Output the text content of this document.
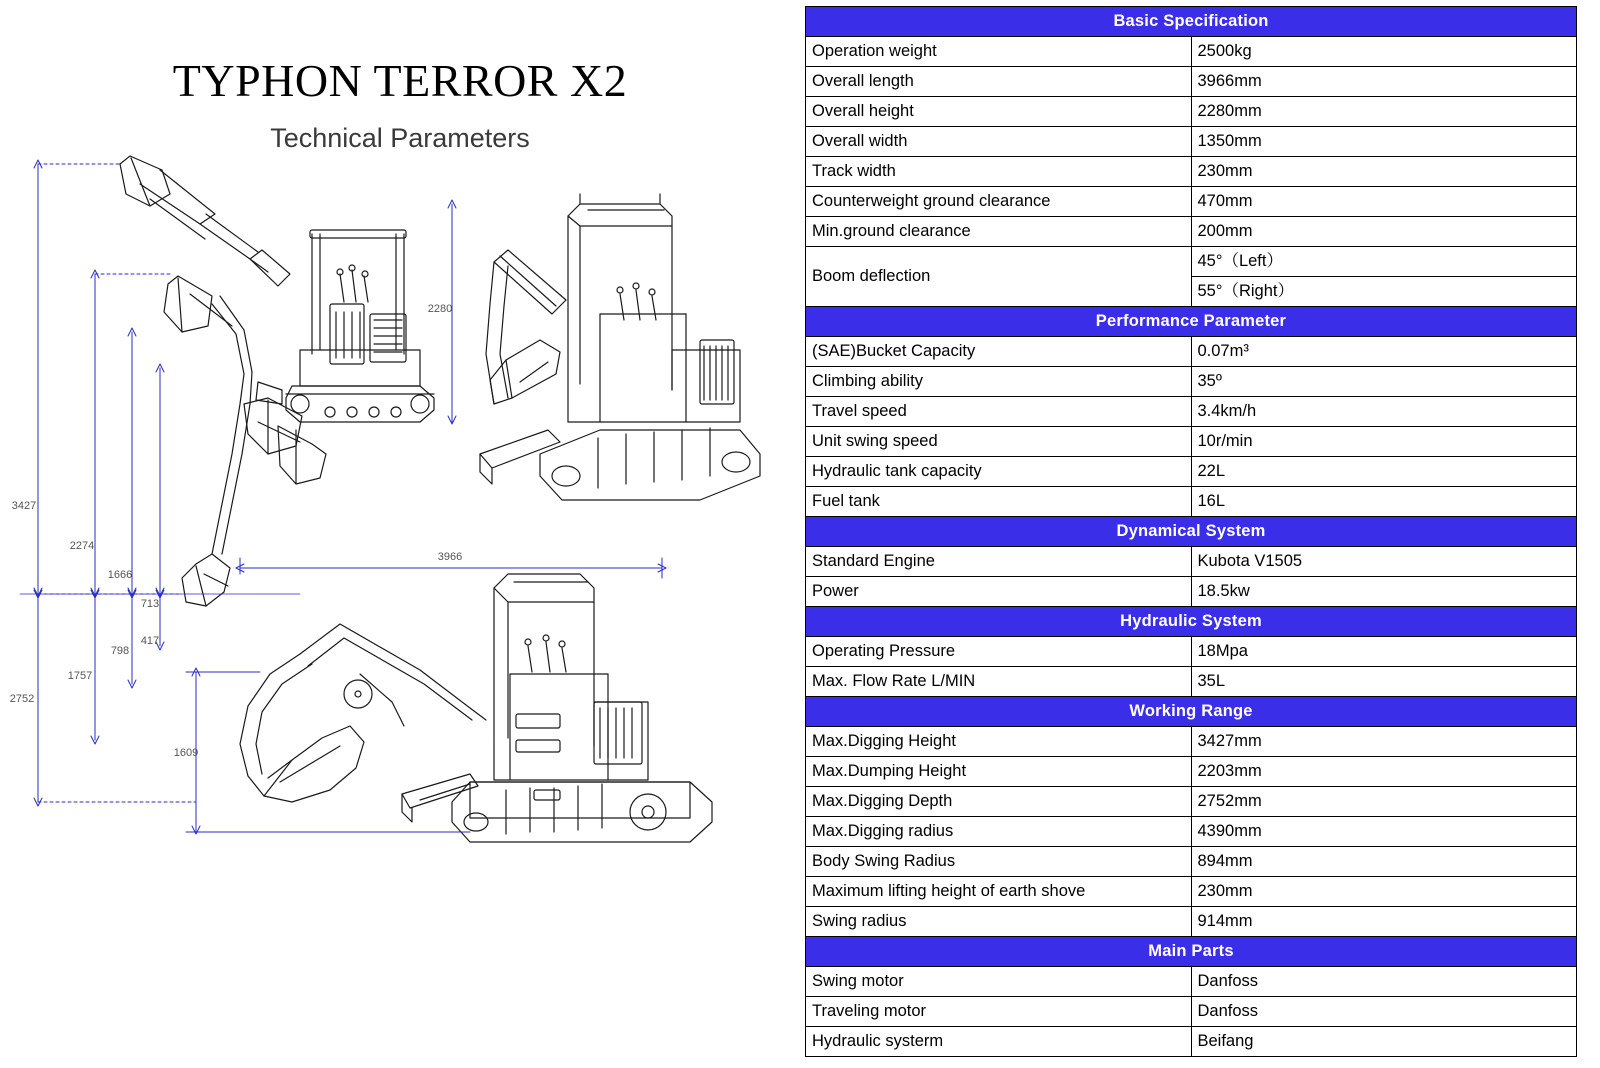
TYPHON TERROR X2
Technical Parameters
3427
2274
1666
713
417
798
1757
2752
2280
3966
1609
Basic Specification	
Operation weight	2500kg
Overall length	3966mm
Overall height	2280mm
Overall width	1350mm
Track width	230mm
Counterweight ground clearance	470mm
Min.ground clearance	200mm
Boom deflection	45°（Left）
	55°（Right）
Performance Parameter	
(SAE)Bucket Capacity	0.07m³
Climbing ability	35º
Travel speed	3.4km/h
Unit swing speed	10r/min
Hydraulic tank capacity	22L
Fuel tank	16L
Dynamical System	
Standard Engine	Kubota V1505
Power	18.5kw
Hydraulic System	
Operating Pressure	18Mpa
Max. Flow Rate L/MIN	35L
Working Range	
Max.Digging Height	3427mm
Max.Dumping Height	2203mm
Max.Digging Depth	2752mm
Max.Digging radius	4390mm
Body Swing Radius	894mm
Maximum lifting height of earth shove	230mm
Swing radius	914mm
Main Parts	
Swing motor	Danfoss
Traveling motor	Danfoss
Hydraulic systerm	Beifang
